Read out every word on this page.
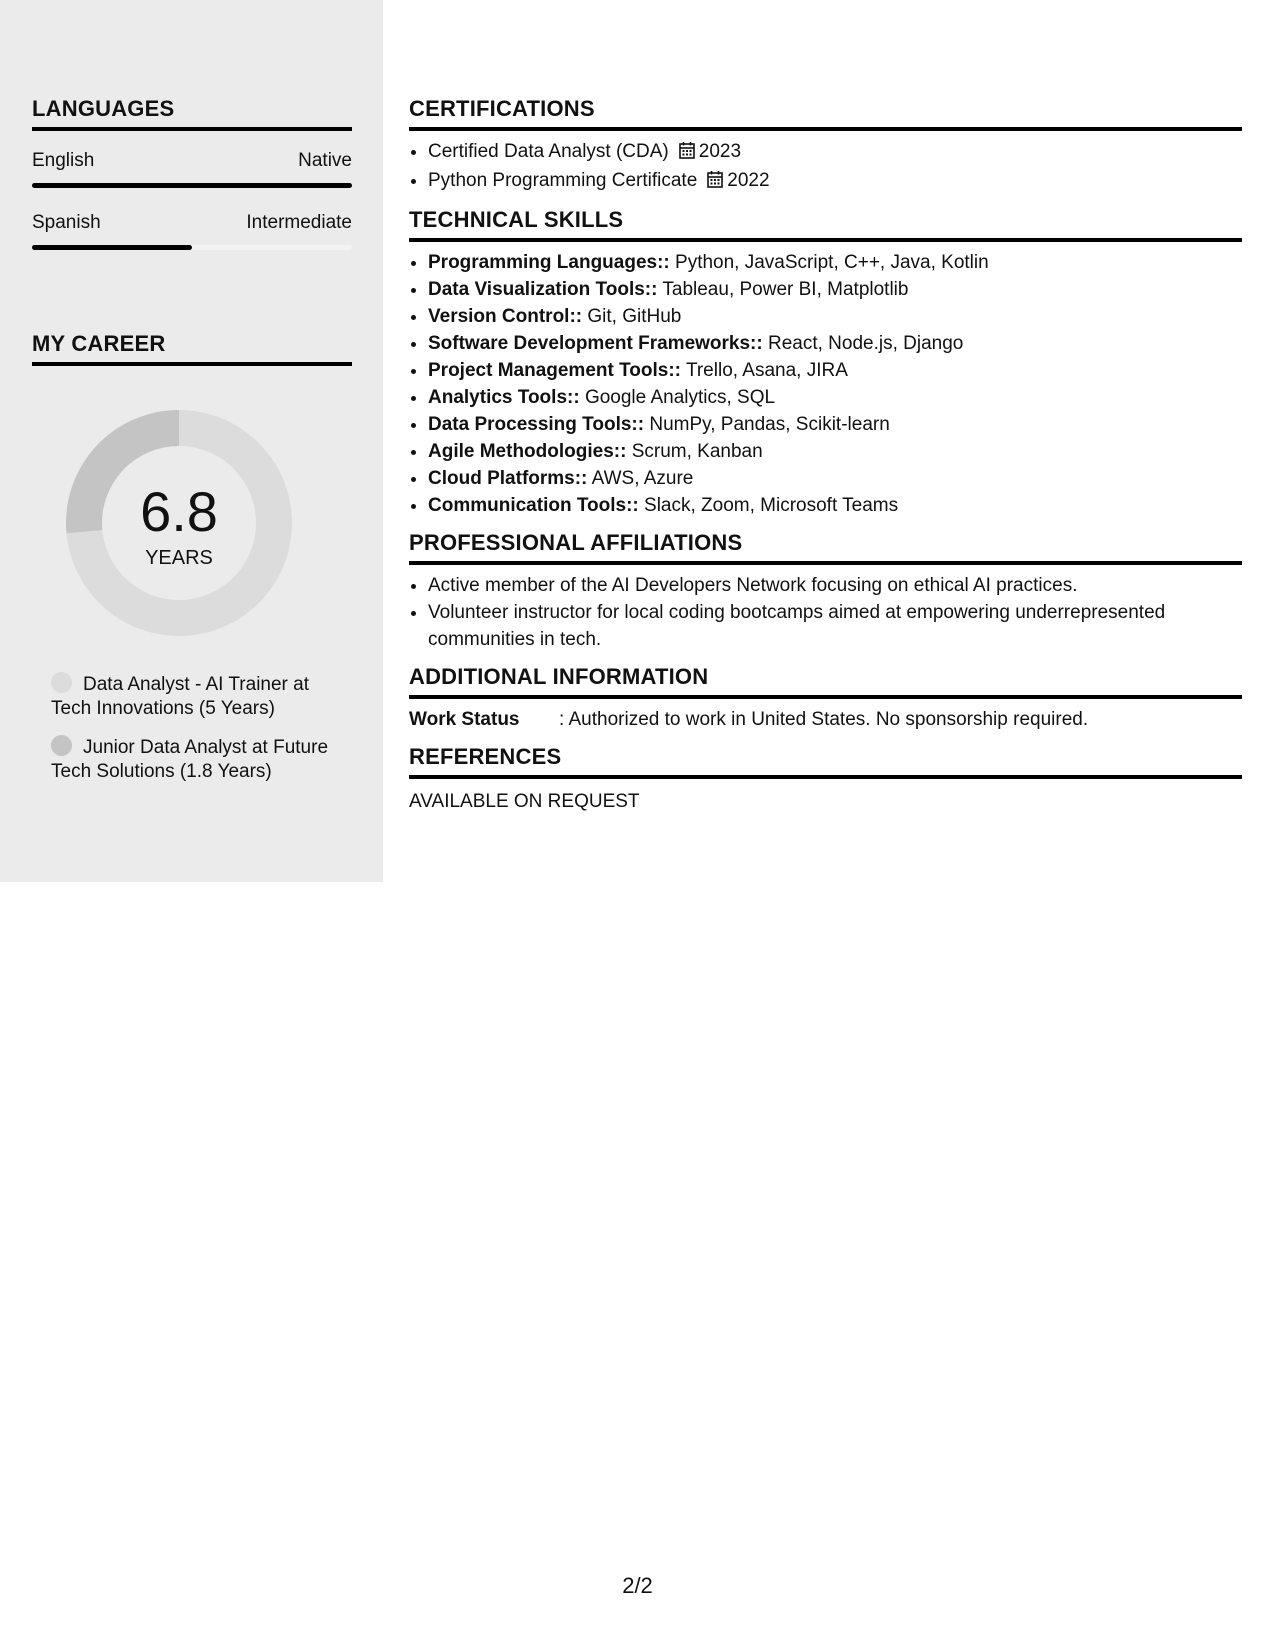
LANGUAGES
English	Native
Spanish	Intermediate
MY CAREER
6.8
YEARS
Data Analyst - AI Trainer at Tech Innovations (5 Years)
Junior Data Analyst at Future Tech Solutions (1.8 Years)
CERTIFICATIONS
• Certified Data Analyst (CDA) 2023
• Python Programming Certificate 2022
TECHNICAL SKILLS
• Programming Languages:: Python, JavaScript, C++, Java, Kotlin
• Data Visualization Tools:: Tableau, Power BI, Matplotlib
• Version Control:: Git, GitHub
• Software Development Frameworks:: React, Node.js, Django
• Project Management Tools:: Trello, Asana, JIRA
• Analytics Tools:: Google Analytics, SQL
• Data Processing Tools:: NumPy, Pandas, Scikit-learn
• Agile Methodologies:: Scrum, Kanban
• Cloud Platforms:: AWS, Azure
• Communication Tools:: Slack, Zoom, Microsoft Teams
PROFESSIONAL AFFILIATIONS
• Active member of the AI Developers Network focusing on ethical AI practices.
• Volunteer instructor for local coding bootcamps aimed at empowering underrepresented communities in tech.
ADDITIONAL INFORMATION
Work Status : Authorized to work in United States. No sponsorship required.
REFERENCES
AVAILABLE ON REQUEST
2/2
